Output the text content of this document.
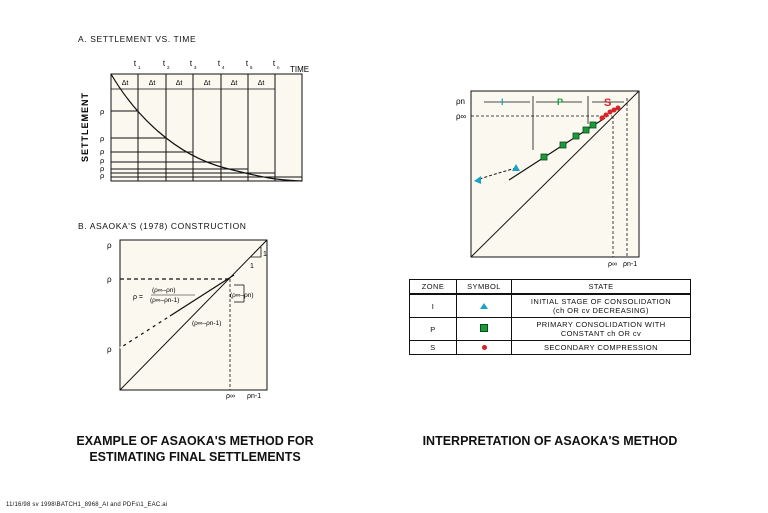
A. SETTLEMENT VS. TIME
t	t	t	t	t	t
1	2	3	4	5	n TIME
Δt	Δt	Δt	Δt	Δt	Δt
ρ
ρ
ρ
ρ
ρ
ρ
SETTLEMENT
B. ASAOKA'S (1978) CONSTRUCTION
1
1
ρ
ρ
ρ
ρ =
(ρ∞–ρn)
(ρ∞–ρn-1)
(ρ∞–ρn)
(ρ∞–ρn-1)
ρ∞ ρn-1
I	P	S
ρn
ρ∞
ρ∞ ρn-1
ZONE	SYMBOL	STATE
I		INITIAL STAGE OF CONSOLIDATION
(ch OR cv DECREASING)

P		PRIMARY CONSOLIDATION WITH
CONSTANT ch OR cv

S		SECONDARY COMPRESSION
EXAMPLE OF ASAOKA'S METHOD FOR
ESTIMATING FINAL SETTLEMENTS
INTERPRETATION OF ASAOKA'S METHOD
11/16/98 sv 1998\BATCH1_8968_AI and PDFs\1_EAC.ai
